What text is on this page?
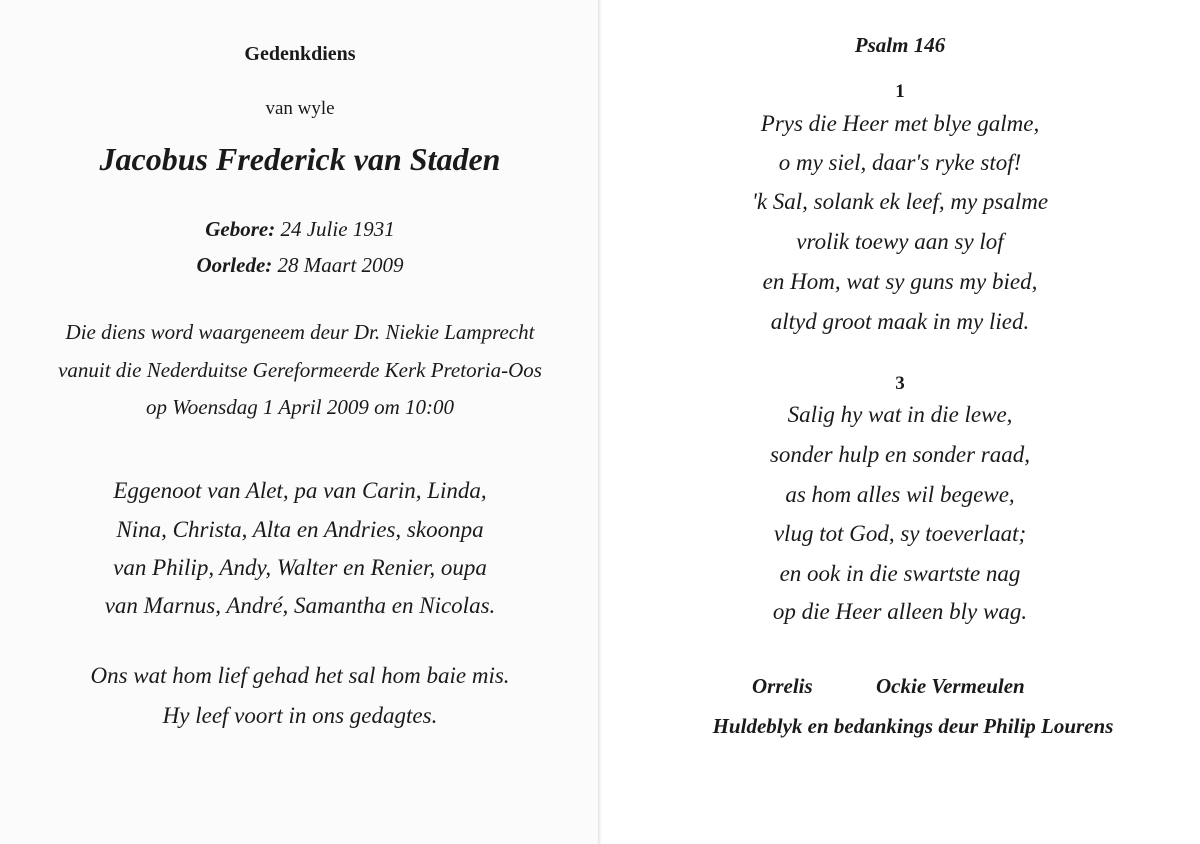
Gedenkdiens
van wyle
Jacobus Frederick van Staden
Gebore: 24 Julie 1931
Oorlede: 28 Maart 2009
Die diens word waargeneem deur Dr. Niekie Lamprecht
vanuit die Nederduitse Gereformeerde Kerk Pretoria-Oos
op Woensdag 1 April 2009 om 10:00
Eggenoot van Alet, pa van Carin, Linda,
Nina, Christa, Alta en Andries, skoonpa
van Philip, Andy, Walter en Renier, oupa
van Marnus, André, Samantha en Nicolas.
Ons wat hom lief gehad het sal hom baie mis.
Hy leef voort in ons gedagtes.
Psalm 146
1
Prys die Heer met blye galme,
o my siel, daar's ryke stof!
'k Sal, solank ek leef, my psalme
vrolik toewy aan sy lof
en Hom, wat sy guns my bied,
altyd groot maak in my lied.
3
Salig hy wat in die lewe,
sonder hulp en sonder raad,
as hom alles wil begewe,
vlug tot God, sy toeverlaat;
en ook in die swartste nag
op die Heer alleen bly wag.
Orrelis	Ockie Vermeulen
Huldeblyk en bedankings deur Philip Lourens
